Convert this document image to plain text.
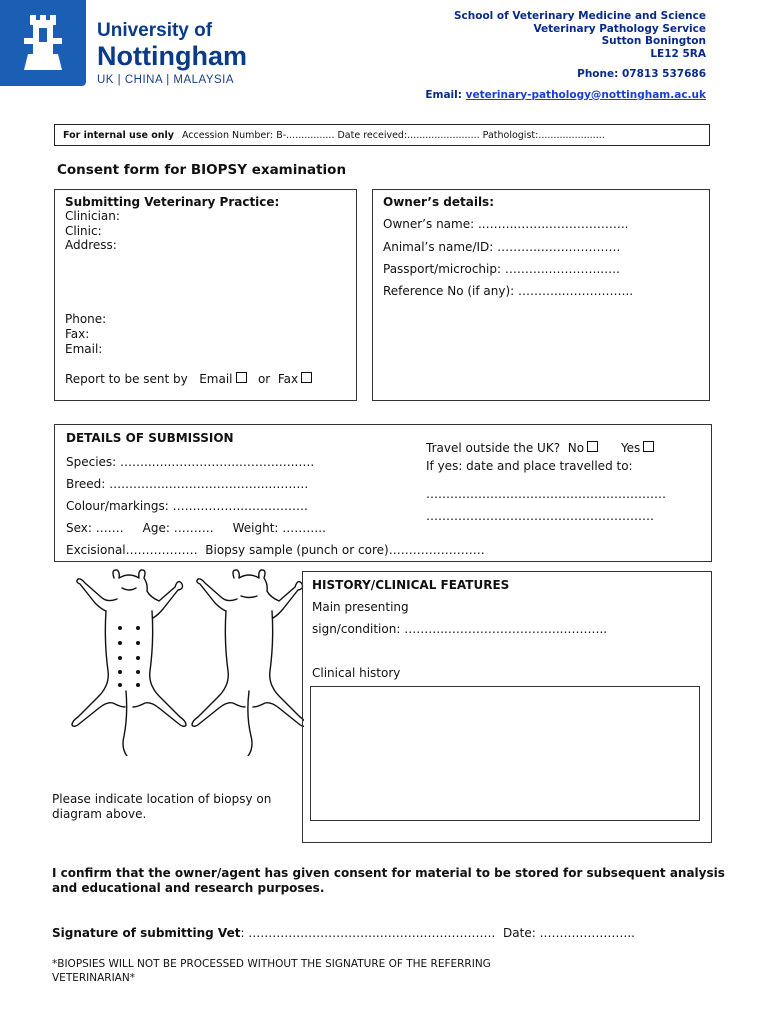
University of
Nottingham
UK | CHINA | MALAYSIA
School of Veterinary Medicine and Science
Veterinary Pathology Service
Sutton Bonington
LE12 5RA
Phone: 07813 537686
Email: veterinary-pathology@nottingham.ac.uk
For internal use only Accession Number: B-................ Date received:........................ Pathologist:......................
Consent form for BIOPSY examination
Submitting Veterinary Practice:
Clinician:
Clinic:
Address:
Phone:
Fax:
Email:
Report to be sent by Email or Fax
Owner’s details:
Owner’s name: ..……..……..………………..
Animal’s name/ID: ………..…….………….
Passport/microchip: ………..…………..….
Reference No (if any): ………..……….……..
DETAILS OF SUBMISSION
Species: ……..…..……………..……….…..….
Breed: ….……….……………………..……….
Colour/markings: …….………..…………….
Sex: ……. Age: ………. Weight: ………..
Excisional……………… Biopsy sample (punch or core)……………………
Travel outside the UK? No	Yes
If yes: date and place travelled to:
……………………………………………………
…………………………………………………
Please indicate location of biopsy on diagram above.
HISTORY/CLINICAL FEATURES
Main presenting
sign/condition: ………..………………………..………..
Clinical history
I confirm that the owner/agent has given consent for material to be stored for subsequent analysis and educational and research purposes.
Signature of submitting Vet: ………….………………..……….………………. Date: ……….…………..
*BIOPSIES WILL NOT BE PROCESSED WITHOUT THE SIGNATURE OF THE REFERRING VETERINARIAN*
